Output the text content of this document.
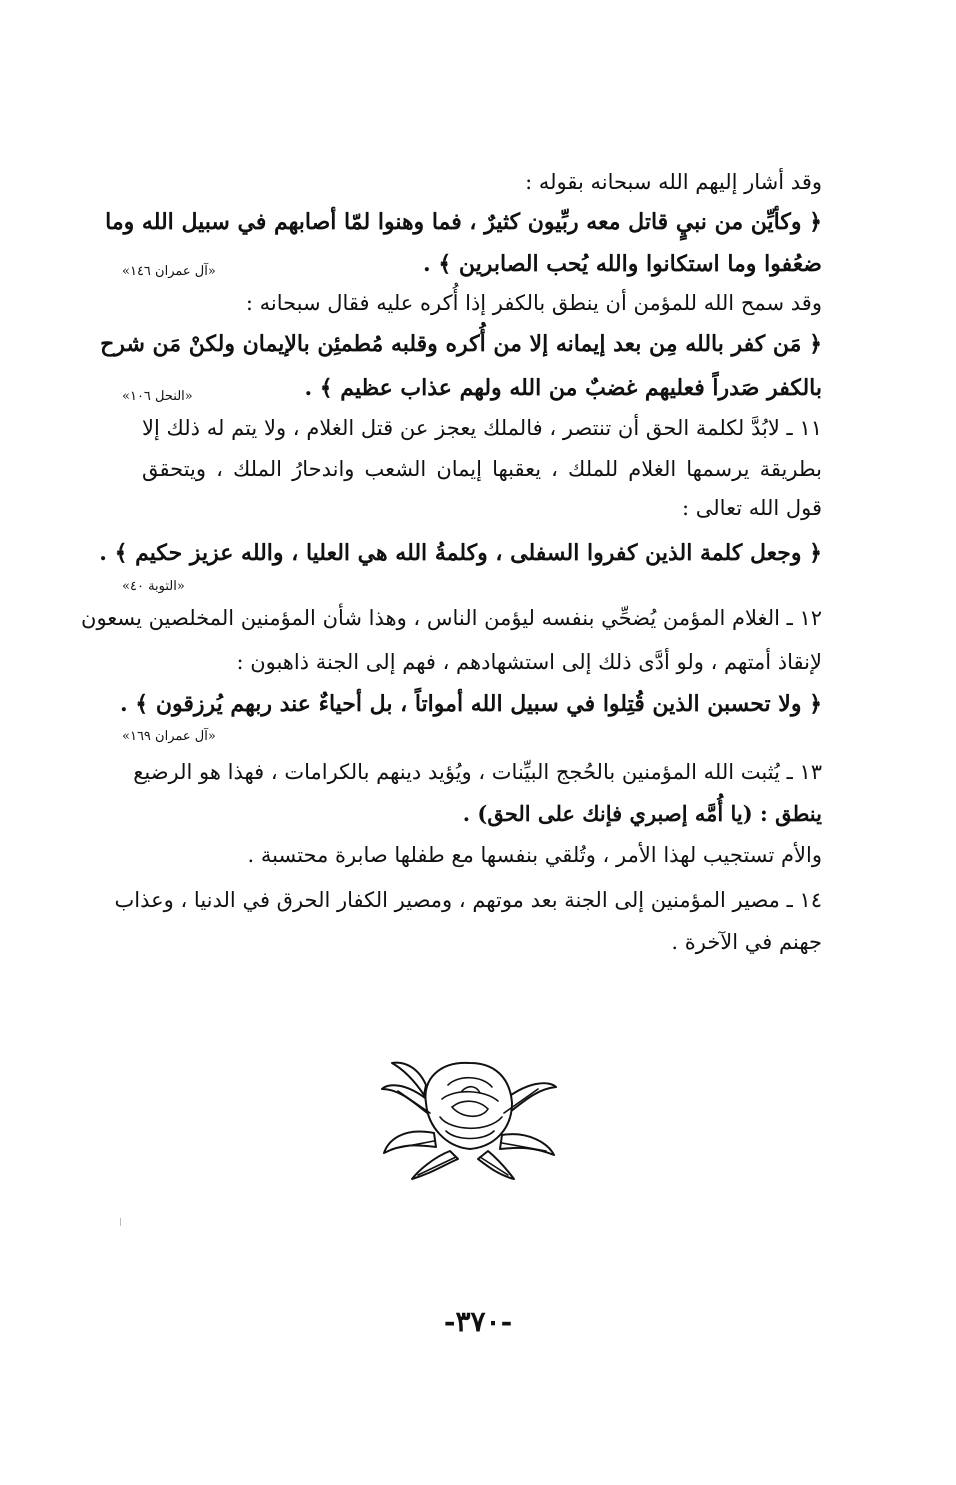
وقد أشار إليهم الله سبحانه بقوله :
﴿ وكأيِّن من نبيٍ قاتل معه ربِّيون كثيرٌ ، فما وهنوا لمّا أصابهم في سبيل الله وما
ضعُفوا وما استكانوا والله يُحب الصابرين ﴾ .
«آل عمران ١٤٦»
وقد سمح الله للمؤمن أن ينطق بالكفر إذا أُكره عليه فقال سبحانه :
﴿ مَن كفر بالله مِن بعد إيمانه إلا من أُكره وقلبه مُطمئِن بالإيمان ولكنْ مَن شرح
بالكفر صَدراً فعليهم غضبٌ من الله ولهم عذاب عظيم ﴾ .
«النحل ١٠٦»
١١ ـ لابُدَّ لكلمة الحق أن تنتصر ، فالملك يعجز عن قتل الغلام ، ولا يتم له ذلك إلا
بطريقة يرسمها الغلام للملك ، يعقبها إيمان الشعب واندحارُ الملك ، ويتحقق
قول الله تعالى :
﴿ وجعل كلمة الذين كفروا السفلى ، وكلمةُ الله هي العليا ، والله عزيز حكيم ﴾ .
«التوبة ٤٠»
١٢ ـ الغلام المؤمن يُضحِّي بنفسه ليؤمن الناس ، وهذا شأن المؤمنين المخلصين يسعون
لإنقاذ أمتهم ، ولو أدَّى ذلك إلى استشهادهم ، فهم إلى الجنة ذاهبون :
﴿ ولا تحسبن الذين قُتِلوا في سبيل الله أمواتاً ، بل أحياءٌ عند ربهم يُرزقون ﴾ .
«آل عمران ١٦٩»
١٣ ـ يُثبت الله المؤمنين بالحُجج البيِّنات ، ويُؤيد دينهم بالكرامات ، فهذا هو الرضيع
ينطق : (يا أُمَّه إصبري فإنك على الحق) .
والأم تستجيب لهذا الأمر ، وتُلقي بنفسها مع طفلها صابرة محتسبة .
١٤ ـ مصير المؤمنين إلى الجنة بعد موتهم ، ومصير الكفار الحرق في الدنيا ، وعذاب
جهنم في الآخرة .
-٣٧٠-
